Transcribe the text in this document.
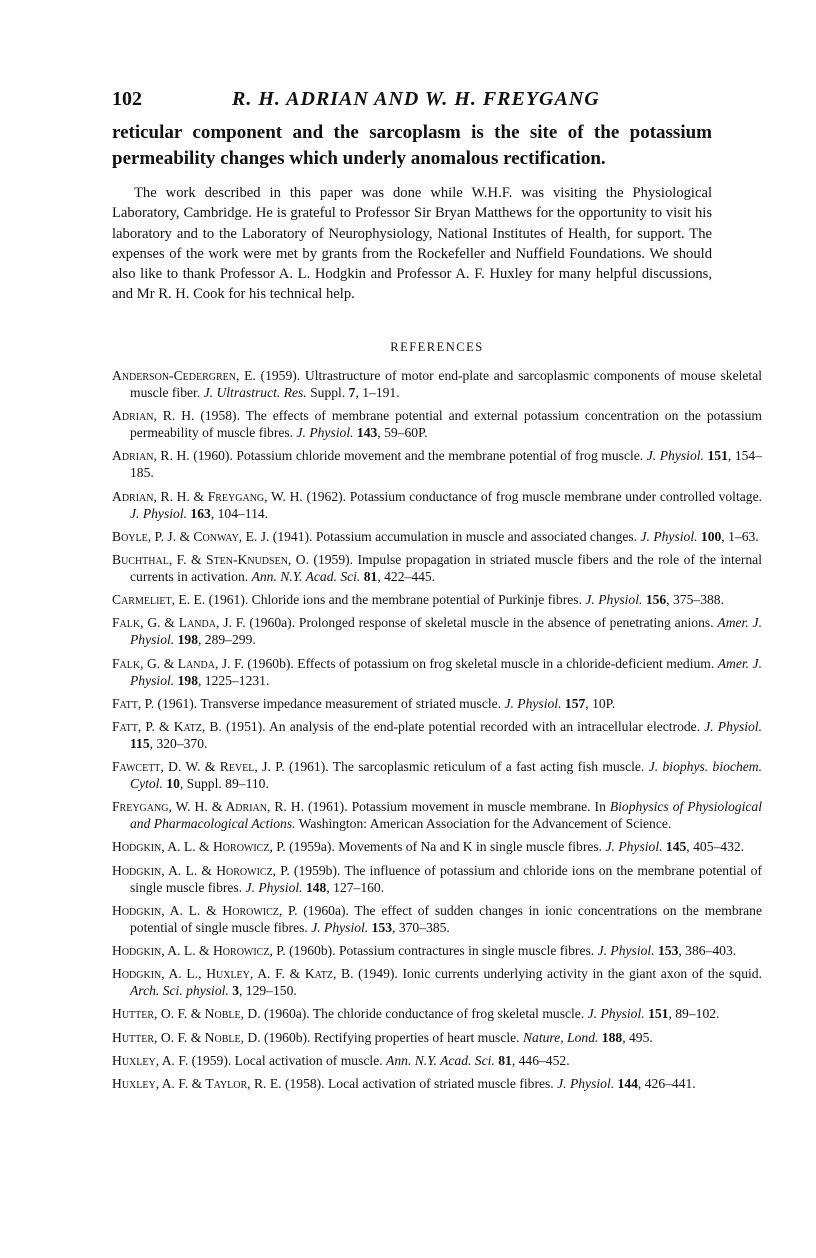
102	R. H. ADRIAN AND W. H. FREYGANG

reticular component and the sarcoplasm is the site of the potassium permeability changes which underly anomalous rectification.

The work described in this paper was done while W.H.F. was visiting the Physiological Laboratory, Cambridge. He is grateful to Professor Sir Bryan Matthews for the opportunity to visit his laboratory and to the Laboratory of Neurophysiology, National Institutes of Health, for support. The expenses of the work were met by grants from the Rockefeller and Nuffield Foundations. We should also like to thank Professor A. L. Hodgkin and Professor A. F. Huxley for many helpful discussions, and Mr R. H. Cook for his technical help.

REFERENCES

Anderson-Cedergren, E. (1959). Ultrastructure of motor end-plate and sarcoplasmic components of mouse skeletal muscle fiber. J. Ultrastruct. Res. Suppl. 7, 1–191.

Adrian, R. H. (1958). The effects of membrane potential and external potassium concentration on the potassium permeability of muscle fibres. J. Physiol. 143, 59–60P.

Adrian, R. H. (1960). Potassium chloride movement and the membrane potential of frog muscle. J. Physiol. 151, 154–185.

Adrian, R. H. & Freygang, W. H. (1962). Potassium conductance of frog muscle membrane under controlled voltage. J. Physiol. 163, 104–114.

Boyle, P. J. & Conway, E. J. (1941). Potassium accumulation in muscle and associated changes. J. Physiol. 100, 1–63.

Buchthal, F. & Sten-Knudsen, O. (1959). Impulse propagation in striated muscle fibers and the role of the internal currents in activation. Ann. N.Y. Acad. Sci. 81, 422–445.

Carmeliet, E. E. (1961). Chloride ions and the membrane potential of Purkinje fibres. J. Physiol. 156, 375–388.

Falk, G. & Landa, J. F. (1960a). Prolonged response of skeletal muscle in the absence of penetrating anions. Amer. J. Physiol. 198, 289–299.

Falk, G. & Landa, J. F. (1960b). Effects of potassium on frog skeletal muscle in a chloride-deficient medium. Amer. J. Physiol. 198, 1225–1231.

Fatt, P. (1961). Transverse impedance measurement of striated muscle. J. Physiol. 157, 10P.

Fatt, P. & Katz, B. (1951). An analysis of the end-plate potential recorded with an intracellular electrode. J. Physiol. 115, 320–370.

Fawcett, D. W. & Revel, J. P. (1961). The sarcoplasmic reticulum of a fast acting fish muscle. J. biophys. biochem. Cytol. 10, Suppl. 89–110.

Freygang, W. H. & Adrian, R. H. (1961). Potassium movement in muscle membrane. In Biophysics of Physiological and Pharmacological Actions. Washington: American Association for the Advancement of Science.

Hodgkin, A. L. & Horowicz, P. (1959a). Movements of Na and K in single muscle fibres. J. Physiol. 145, 405–432.

Hodgkin, A. L. & Horowicz, P. (1959b). The influence of potassium and chloride ions on the membrane potential of single muscle fibres. J. Physiol. 148, 127–160.

Hodgkin, A. L. & Horowicz, P. (1960a). The effect of sudden changes in ionic concentrations on the membrane potential of single muscle fibres. J. Physiol. 153, 370–385.

Hodgkin, A. L. & Horowicz, P. (1960b). Potassium contractures in single muscle fibres. J. Physiol. 153, 386–403.

Hodgkin, A. L., Huxley, A. F. & Katz, B. (1949). Ionic currents underlying activity in the giant axon of the squid. Arch. Sci. physiol. 3, 129–150.

Hutter, O. F. & Noble, D. (1960a). The chloride conductance of frog skeletal muscle. J. Physiol. 151, 89–102.

Hutter, O. F. & Noble, D. (1960b). Rectifying properties of heart muscle. Nature, Lond. 188, 495.

Huxley, A. F. (1959). Local activation of muscle. Ann. N.Y. Acad. Sci. 81, 446–452.

Huxley, A. F. & Taylor, R. E. (1958). Local activation of striated muscle fibres. J. Physiol. 144, 426–441.
